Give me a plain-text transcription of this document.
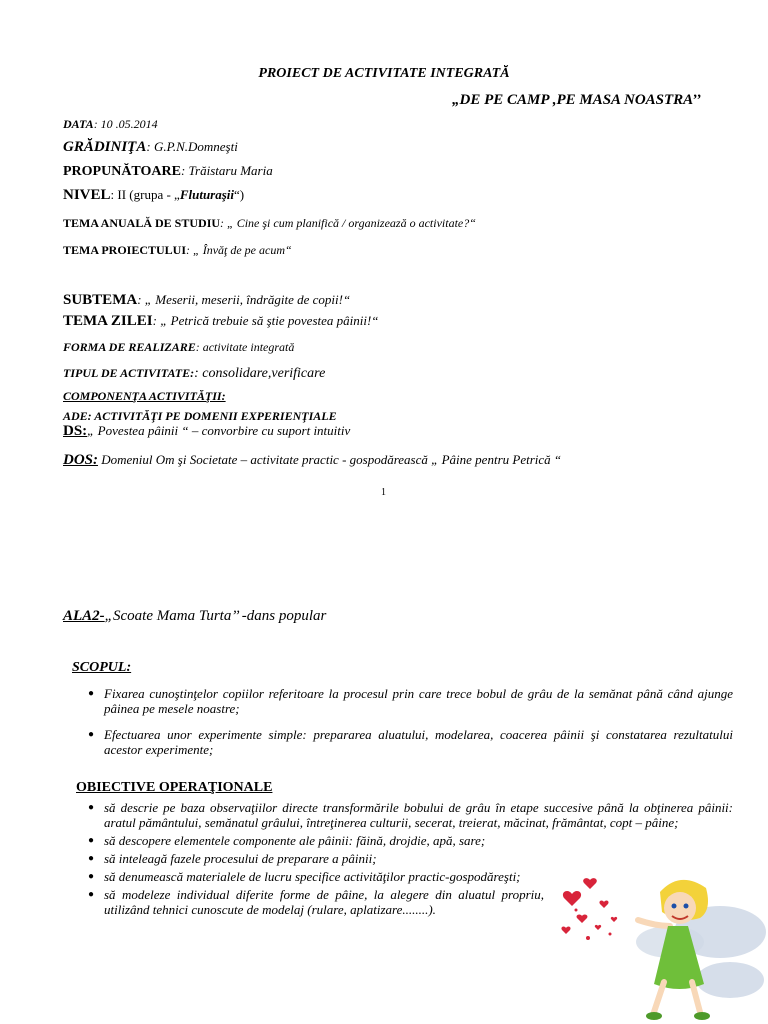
PROIECT DE ACTIVITATE INTEGRATĂ
„DE PE CAMP ,PE MASA NOASTRA’’
DATA: 10 .05.2014
GRĂDINIŢA: G.P.N.Domneşti
PROPUNĂTOARE: Trăistaru Maria
NIVEL: II (grupa - „Fluturaşii“)
TEMA ANUALĂ DE STUDIU: „ Cine şi cum planifică / organizează o activitate?“
TEMA PROIECTULUI: „ Învăţ de pe acum“
SUBTEMA: „ Meserii, meserii, îndrăgite de copii!“
TEMA ZILEI: „ Petrică trebuie să ştie povestea pâinii!“
FORMA DE REALIZARE: activitate integrată
TIPUL DE ACTIVITATE:: consolidare,verificare
COMPONENŢA ACTIVITĂŢII:
ADE: ACTIVITĂŢI PE DOMENII EXPERIENŢIALE
DS:„ Povestea pâinii “ – convorbire cu suport intuitiv
DOS: Domeniul Om şi Societate – activitate practic - gospodărească „ Pâine pentru Petrică “
1
ALA2-„Scoate Mama Turta’’ -dans popular
SCOPUL:
● Fixarea cunoştinţelor copiilor referitoare la procesul prin care trece bobul de grâu de la semănat până când ajunge pâinea pe mesele noastre;
● Efectuarea unor experimente simple: prepararea aluatului, modelarea, coacerea pâinii şi constatarea rezultatului acestor experimente;
OBIECTIVE OPERAŢIONALE
● să descrie pe baza observaţiilor directe transformările bobului de grâu în etape succesive până la obţinerea pâinii: aratul pământului, semănatul grâului, întreţinerea culturii, secerat, treierat, măcinat, frământat, copt – pâine;
● să descopere elementele componente ale pâinii: făină, drojdie, apă, sare;
● să inteleagă fazele procesului de preparare a pâinii;
● să denumească materialele de lucru specifice activităţilor practic-gospodăreşti;
● să modeleze individual diferite forme de pâine, la alegere din aluatul propriu, utilizând tehnici cunoscute de modelaj (rulare, aplatizare........).
